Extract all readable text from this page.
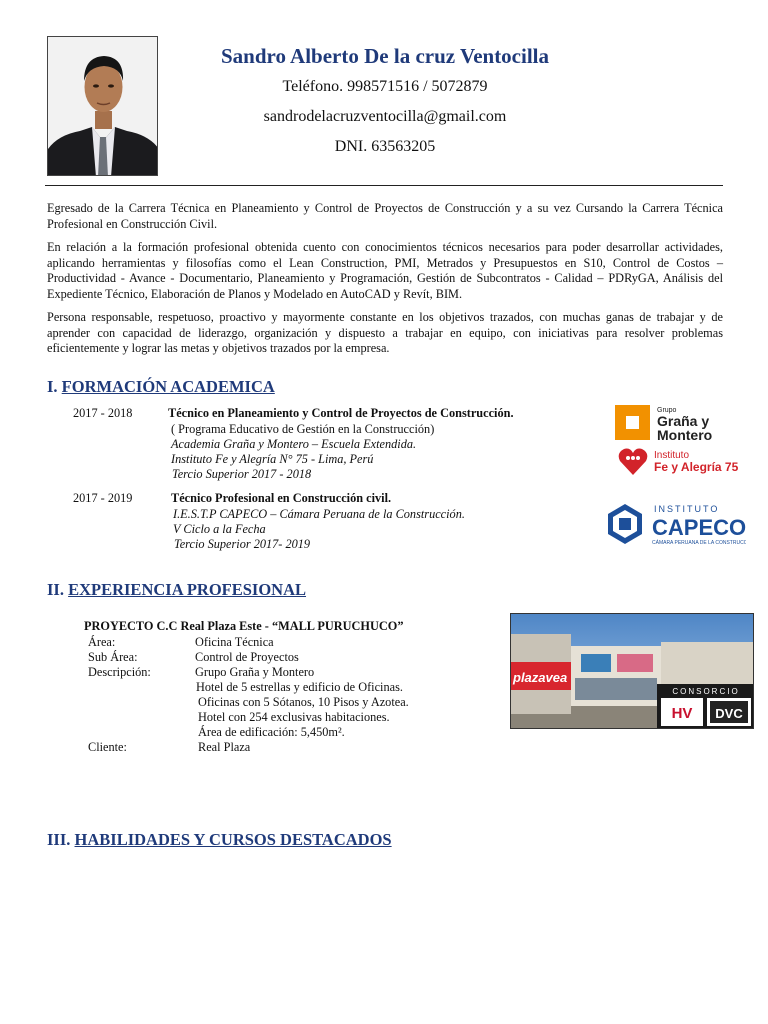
Sandro Alberto De la cruz Ventocilla
Teléfono. 998571516 / 5072879
sandrodelacruzventocilla@gmail.com
DNI. 63563205
Egresado de la Carrera Técnica en Planeamiento y Control de Proyectos de Construcción y a su vez Cursando la Carrera Técnica Profesional en Construcción Civil.
En relación a la formación profesional obtenida cuento con conocimientos técnicos necesarios para poder desarrollar actividades, aplicando herramientas y filosofías como el Lean Construction, PMI, Metrados y Presupuestos en S10, Control de Costos – Productividad - Avance - Documentario, Planeamiento y Programación, Gestión de Subcontratos - Calidad – PDRyGA, Análisis del Expediente Técnico, Elaboración de Planos y Modelado en AutoCAD y Revít, BIM.
Persona responsable, respetuoso, proactivo y mayormente constante en los objetivos trazados, con muchas ganas de trabajar y de aprender con capacidad de liderazgo, organización y dispuesto a trabajar en equipo, con iniciativas para resolver problemas eficientemente y lograr las metas y objetivos trazados por la empresa.
I. FORMACIÓN ACADEMICA
2017 - 2018	Técnico en Planeamiento y Control de Proyectos de Construcción.
( Programa Educativo de Gestión en la Construcción)
Academia Graña y Montero – Escuela Extendida.
Instituto Fe y Alegría N° 75 - Lima, Perú
Tercio Superior 2017 - 2018
2017 - 2019	Técnico Profesional en Construcción civil.
I.E.S.T.P CAPECO – Cámara Peruana de la Construcción.
V Ciclo a la Fecha
Tercio Superior 2017- 2019
Grupo
Graña y
Montero
Instituto
Fe y Alegría 75
INSTITUTO
CAPECO
CÁMARA PERUANA DE LA CONSTRUCCIÓN
II. EXPERIENCIA PROFESIONAL
PROYECTO C.C Real Plaza Este - “MALL PURUCHUCO”
Área:	Oficina Técnica
Sub Área:	Control de Proyectos
Descripción:	Grupo Graña y Montero
Hotel de 5 estrellas y edificio de Oficinas.
Oficinas con 5 Sótanos, 10 Pisos y Azotea.
Hotel con 254 exclusivas habitaciones.
Área de edificación: 5,450m².
Cliente:	Real Plaza
plazavea
CONSORCIO
HV DVC
III. HABILIDADES Y CURSOS DESTACADOS
